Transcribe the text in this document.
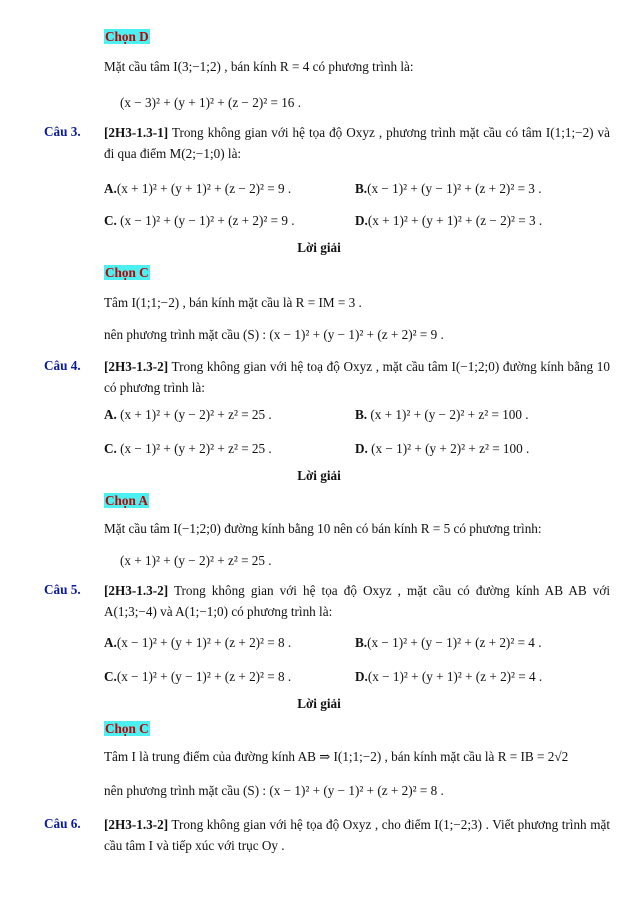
Chọn D
Mặt cầu tâm I(3;−1;2) , bán kính R = 4 có phương trình là:
(x − 3)² + (y + 1)² + (z − 2)² = 16 .
Câu 3. [2H3-1.3-1] Trong không gian với hệ tọa độ Oxyz , phương trình mặt cầu có tâm I(1;1;−2) và đi qua điểm M(2;−1;0) là:
A.(x + 1)² + (y + 1)² + (z − 2)² = 9 .	B.(x − 1)² + (y − 1)² + (z + 2)² = 3 .
C. (x − 1)² + (y − 1)² + (z + 2)² = 9 .	D.(x + 1)² + (y + 1)² + (z − 2)² = 3 .
Lời giải
Chọn C
Tâm I(1;1;−2) , bán kính mặt cầu là R = IM = 3 .
nên phương trình mặt cầu (S) : (x − 1)² + (y − 1)² + (z + 2)² = 9 .
Câu 4. [2H3-1.3-2] Trong không gian với hệ toạ độ Oxyz , mặt cầu tâm I(−1;2;0) đường kính bằng 10 có phương trình là:
A. (x + 1)² + (y − 2)² + z² = 25 .	B. (x + 1)² + (y − 2)² + z² = 100 .
C. (x − 1)² + (y + 2)² + z² = 25 .	D. (x − 1)² + (y + 2)² + z² = 100 .
Lời giải
Chọn A
Mặt cầu tâm I(−1;2;0) đường kính bằng 10 nên có bán kính R = 5 có phương trình:
(x + 1)² + (y − 2)² + z² = 25 .
Câu 5. [2H3-1.3-2] Trong không gian với hệ tọa độ Oxyz , mặt cầu có đường kính AB AB với A(1;3;−4) và A(1;−1;0) có phương trình là:
A.(x − 1)² + (y + 1)² + (z + 2)² = 8 .	B.(x − 1)² + (y − 1)² + (z + 2)² = 4 .
C.(x − 1)² + (y − 1)² + (z + 2)² = 8 .	D.(x − 1)² + (y + 1)² + (z + 2)² = 4 .
Lời giải
Chọn C
Tâm I là trung điểm của đường kính AB ⇒ I(1;1;−2) , bán kính mặt cầu là R = IB = 2√2
nên phương trình mặt cầu (S) : (x − 1)² + (y − 1)² + (z + 2)² = 8 .
Câu 6. [2H3-1.3-2] Trong không gian với hệ tọa độ Oxyz , cho điểm I(1;−2;3) . Viết phương trình mặt cầu tâm I và tiếp xúc với trục Oy .
